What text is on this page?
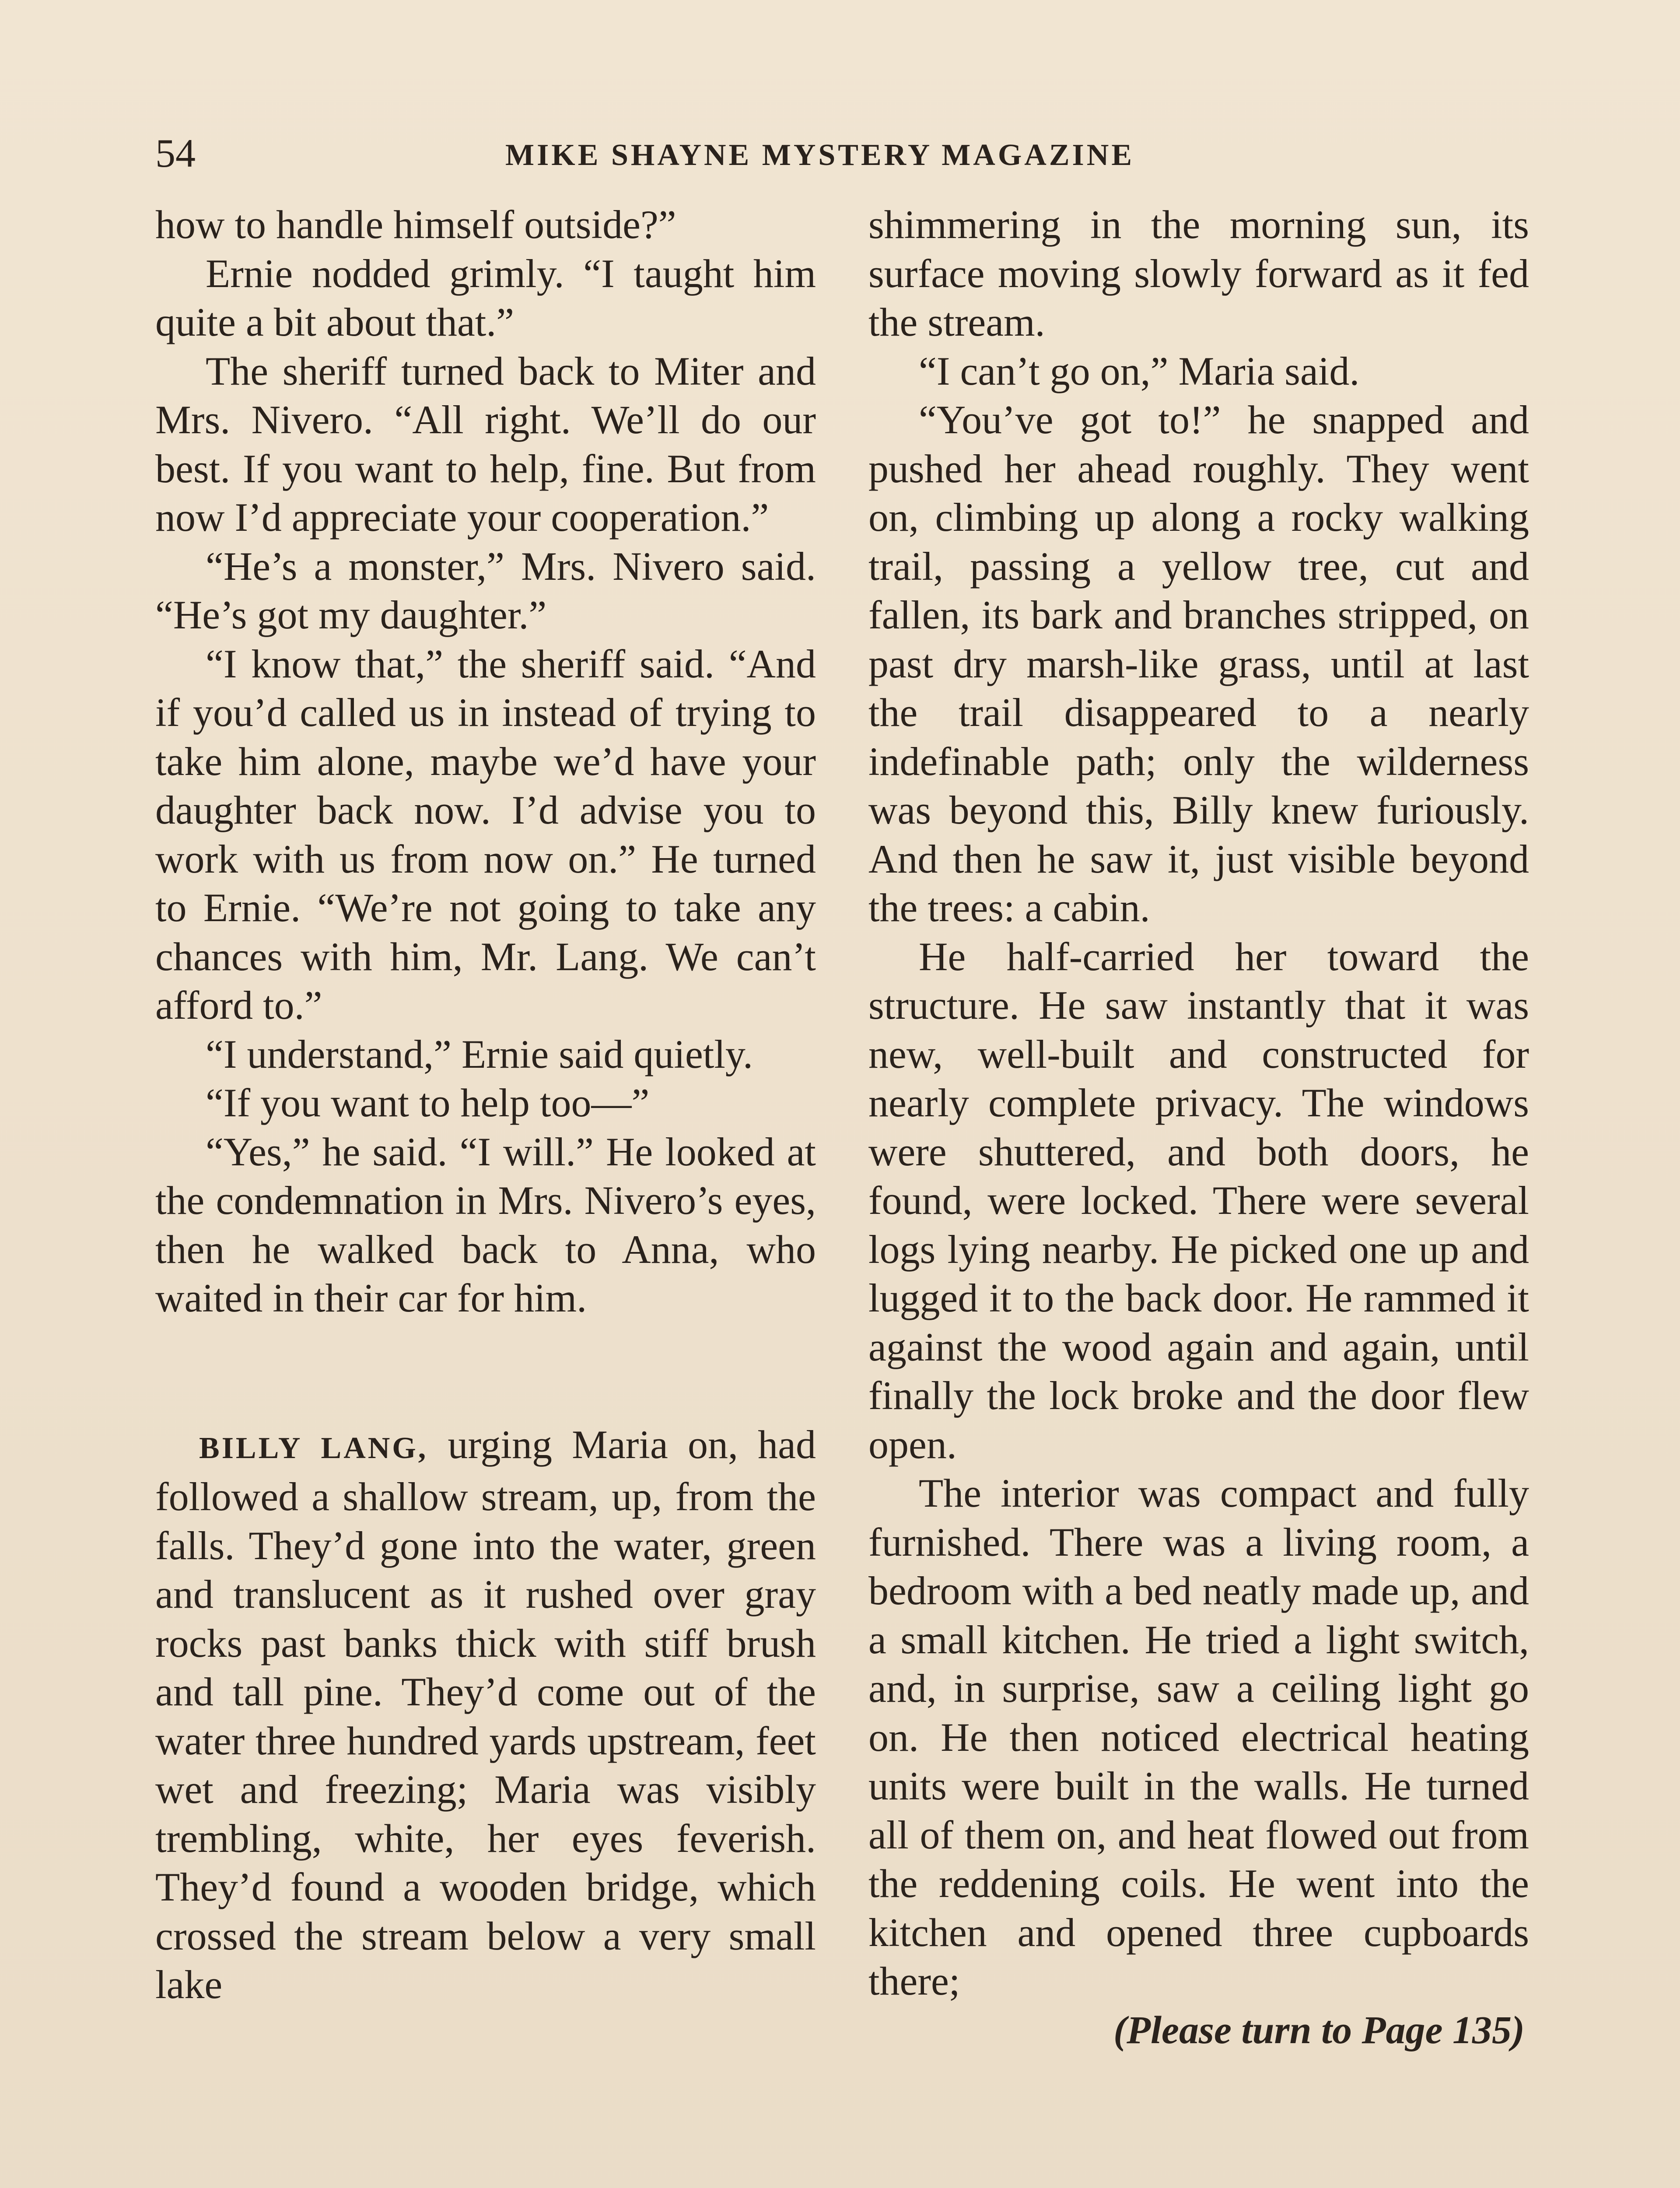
54	MIKE SHAYNE MYSTERY MAGAZINE

how to handle himself outside?”

Ernie nodded grimly. “I taught him quite a bit about that.”

The sheriff turned back to Miter and Mrs. Nivero. “All right. We’ll do our best. If you want to help, fine. But from now I’d appreciate your cooperation.”

“He’s a monster,” Mrs. Nivero said. “He’s got my daughter.”

“I know that,” the sheriff said. “And if you’d called us in instead of trying to take him alone, maybe we’d have your daughter back now. I’d advise you to work with us from now on.” He turned to Ernie. “We’re not going to take any chances with him, Mr. Lang. We can’t afford to.”

“I understand,” Ernie said quietly.

“If you want to help too—”

“Yes,” he said. “I will.” He looked at the condemnation in Mrs. Nivero’s eyes, then he walked back to Anna, who waited in their car for him.

BILLY LANG, urging Maria on, had followed a shallow stream, up, from the falls. They’d gone into the water, green and translucent as it rushed over gray rocks past banks thick with stiff brush and tall pine. They’d come out of the water three hundred yards upstream, feet wet and freezing; Maria was visibly trembling, white, her eyes feverish. They’d found a wooden bridge, which crossed the stream below a very small lake

shimmering in the morning sun, its surface moving slowly forward as it fed the stream.

“I can’t go on,” Maria said.

“You’ve got to!” he snapped and pushed her ahead roughly. They went on, climbing up along a rocky walking trail, passing a yellow tree, cut and fallen, its bark and branches stripped, on past dry marsh-like grass, until at last the trail disappeared to a nearly indefinable path; only the wilderness was beyond this, Billy knew furiously. And then he saw it, just visible beyond the trees: a cabin.

He half-carried her toward the structure. He saw instantly that it was new, well-built and constructed for nearly complete privacy. The windows were shuttered, and both doors, he found, were locked. There were several logs lying nearby. He picked one up and lugged it to the back door. He rammed it against the wood again and again, until finally the lock broke and the door flew open.

The interior was compact and fully furnished. There was a living room, a bedroom with a bed neatly made up, and a small kitchen. He tried a light switch, and, in surprise, saw a ceiling light go on. He then noticed electrical heating units were built in the walls. He turned all of them on, and heat flowed out from the reddening coils. He went into the kitchen and opened three cupboards there;

(Please turn to Page 135)
